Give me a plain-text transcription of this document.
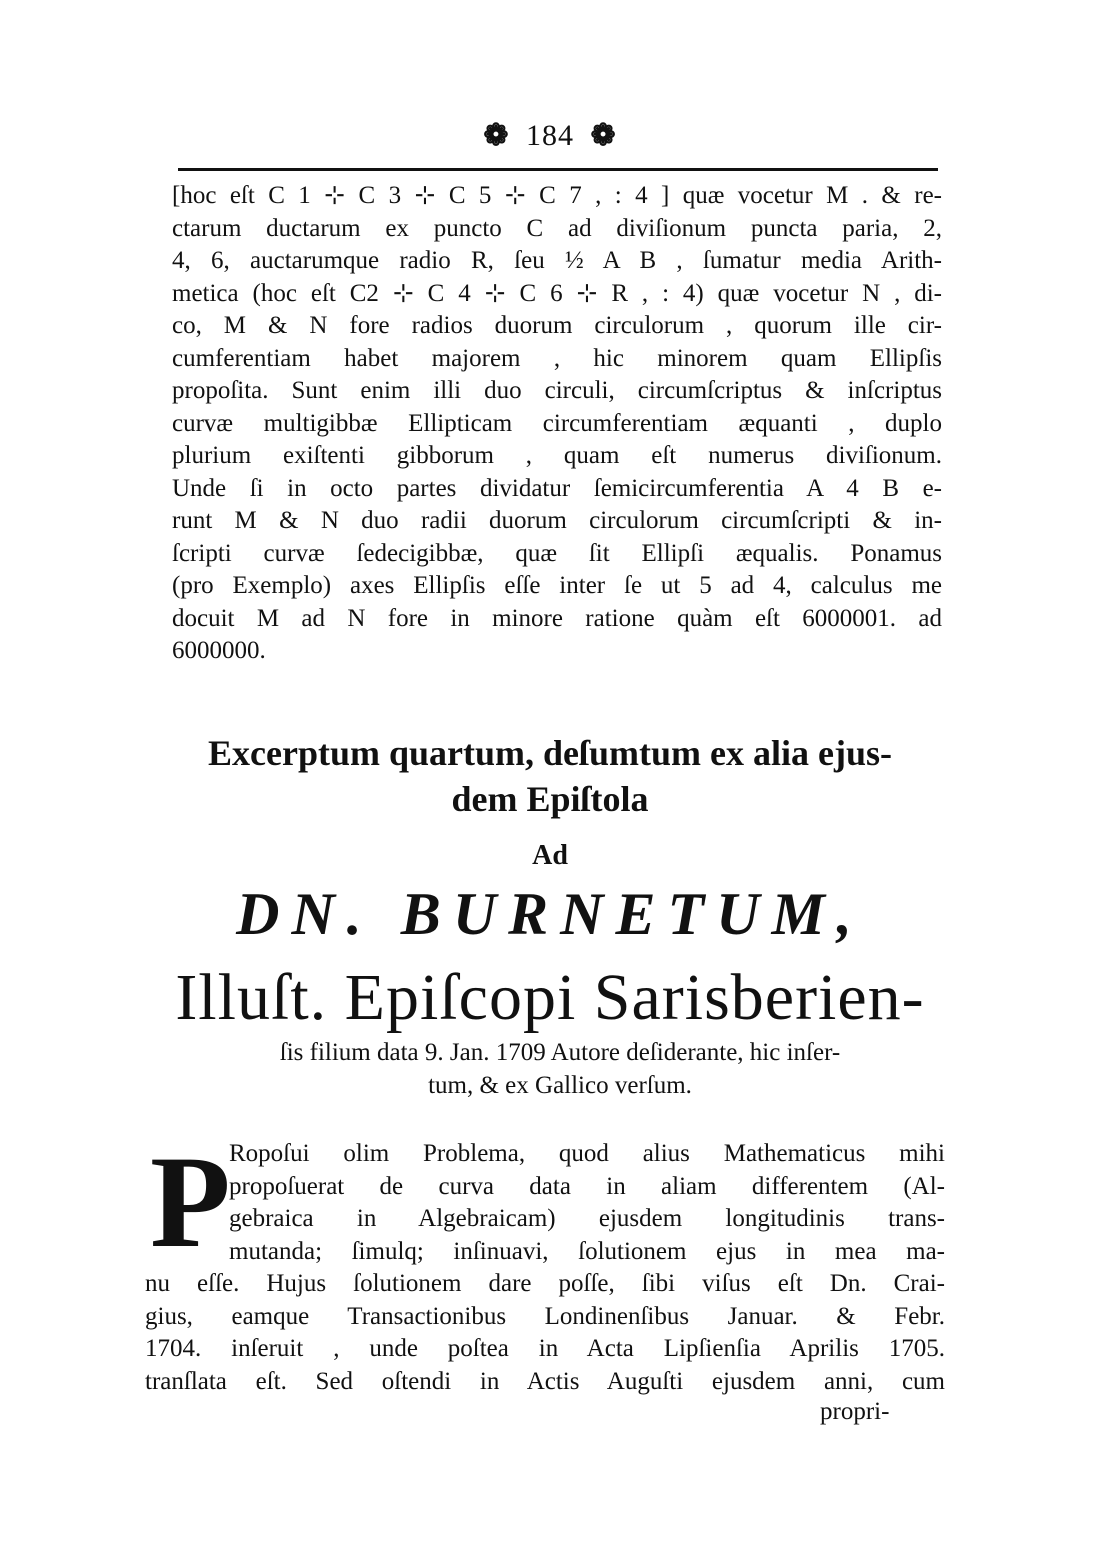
❁ 184 ❁
[hoc eſt C 1 ⊹ C 3 ⊹ C 5 ⊹ C 7 , : 4 ] quæ vocetur M . & re-
ctarum ductarum ex puncto C ad diviſionum puncta paria, 2,
4, 6, auctarumque radio R, ſeu ½ A B , ſumatur media Arith-
metica (hoc eſt C2 ⊹ C 4 ⊹ C 6 ⊹ R , : 4) quæ vocetur N , di-
co, M & N fore radios duorum circulorum , quorum ille cir-
cumferentiam habet majorem , hic minorem quam Ellipſis
propoſita. Sunt enim illi duo circuli, circumſcriptus & inſcriptus
curvæ multigibbæ Ellipticam circumferentiam æquanti , duplo
plurium exiſtenti gibborum , quam eſt numerus diviſionum.
Unde ſi in octo partes dividatur ſemicircumferentia A 4 B e-
runt M & N duo radii duorum circulorum circumſcripti & in-
ſcripti curvæ ſedecigibbæ, quæ ſit Ellipſi æqualis. Ponamus
(pro Exemplo) axes Ellipſis eſſe inter ſe ut 5 ad 4, calculus me
docuit M ad N fore in minore ratione quàm eſt 6000001. ad
6000000.
Excerptum quartum, deſumtum ex alia ejus-
dem Epiſtola
Ad
DN. BURNETUM,
Illuſt. Epiſcopi Sarisberien-
ſis filium data 9. Jan. 1709 Autore deſiderante, hic inſer-
tum, & ex Gallico verſum.
P
Ropoſui olim Problema, quod alius Mathematicus mihi
propoſuerat de curva data in aliam differentem (Al-
gebraica in Algebraicam) ejusdem longitudinis trans-
mutanda; ſimulq; inſinuavi, ſolutionem ejus in mea ma-
nu eſſe. Hujus ſolutionem dare poſſe, ſibi viſus eſt Dn. Crai-
gius, eamque Transactionibus Londinenſibus Januar. & Febr.
1704. inſeruit , unde poſtea in Acta Lipſienſia Aprilis 1705.
tranſlata eſt. Sed oſtendi in Actis Auguſti ejusdem anni, cum
propri-
